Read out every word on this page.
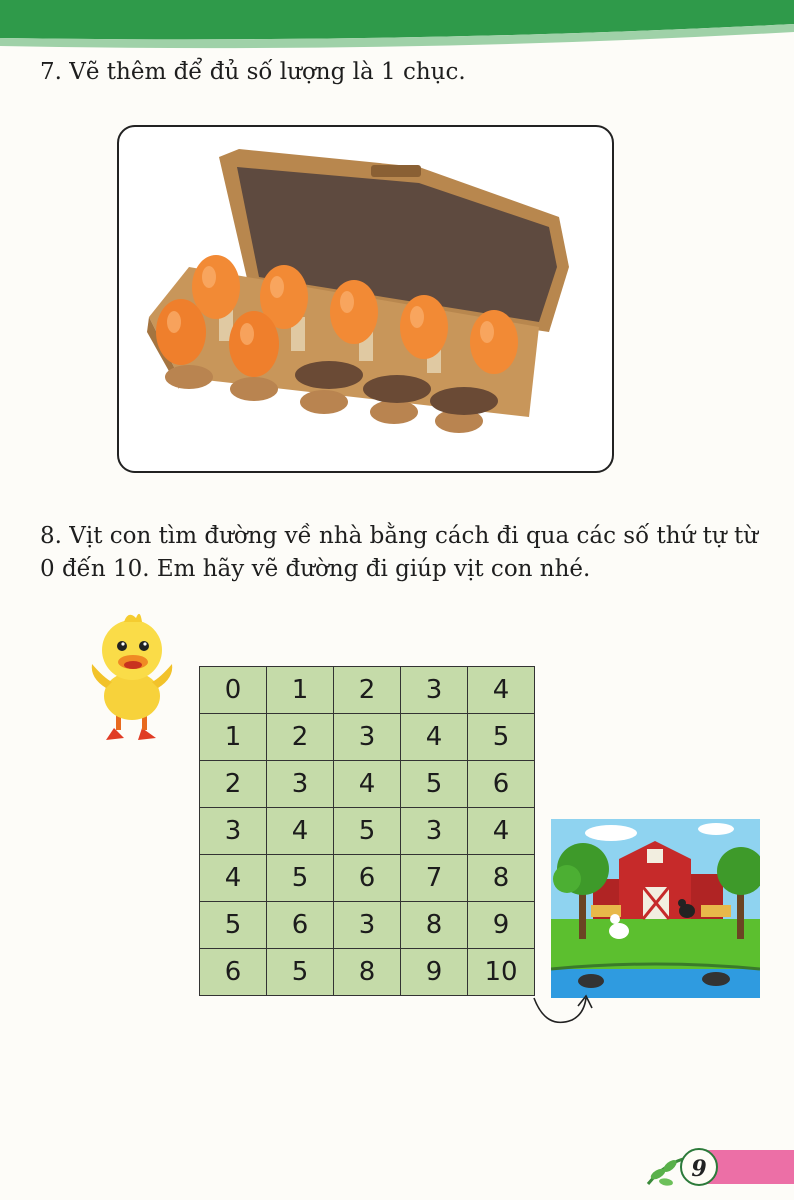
7. Vẽ thêm để đủ số lượng là 1 chục.

8. Vịt con tìm đường về nhà bằng cách đi qua các số thứ tự từ

0 đến 10. Em hãy vẽ đường đi giúp vịt con nhé.

0	1	2	3	4
1	2	3	4	5
2	3	4	5	6
3	4	5	3	4
4	5	6	7	8
5	6	3	8	9
6	5	8	9	10
9
